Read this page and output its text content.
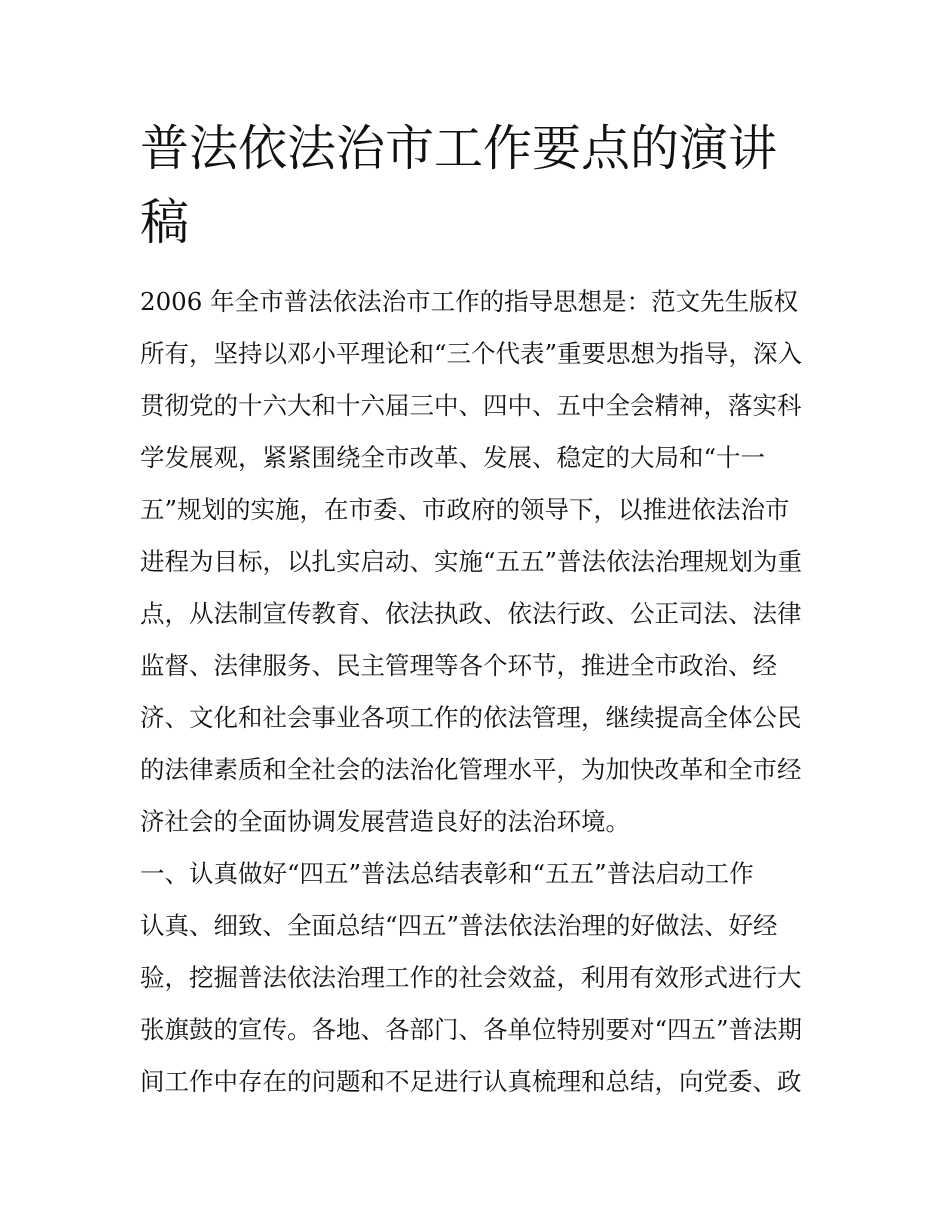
普法依法治市工作要点的演讲
稿
2006 年全市普法依法治市工作的指导思想是：范文先生版权
所有，坚持以邓小平理论和“三个代表”重要思想为指导，深入
贯彻党的十六大和十六届三中、四中、五中全会精神，落实科
学发展观，紧紧围绕全市改革、发展、稳定的大局和“十一
五”规划的实施，在市委、市政府的领导下，以推进依法治市
进程为目标，以扎实启动、实施“五五”普法依法治理规划为重
点，从法制宣传教育、依法执政、依法行政、公正司法、法律
监督、法律服务、民主管理等各个环节，推进全市政治、经
济、文化和社会事业各项工作的依法管理，继续提高全体公民
的法律素质和全社会的法治化管理水平，为加快改革和全市经
济社会的全面协调发展营造良好的法治环境。
一、认真做好“四五”普法总结表彰和“五五”普法启动工作
认真、细致、全面总结“四五”普法依法治理的好做法、好经
验，挖掘普法依法治理工作的社会效益，利用有效形式进行大
张旗鼓的宣传。各地、各部门、各单位特别要对“四五”普法期
间工作中存在的问题和不足进行认真梳理和总结，向党委、政
